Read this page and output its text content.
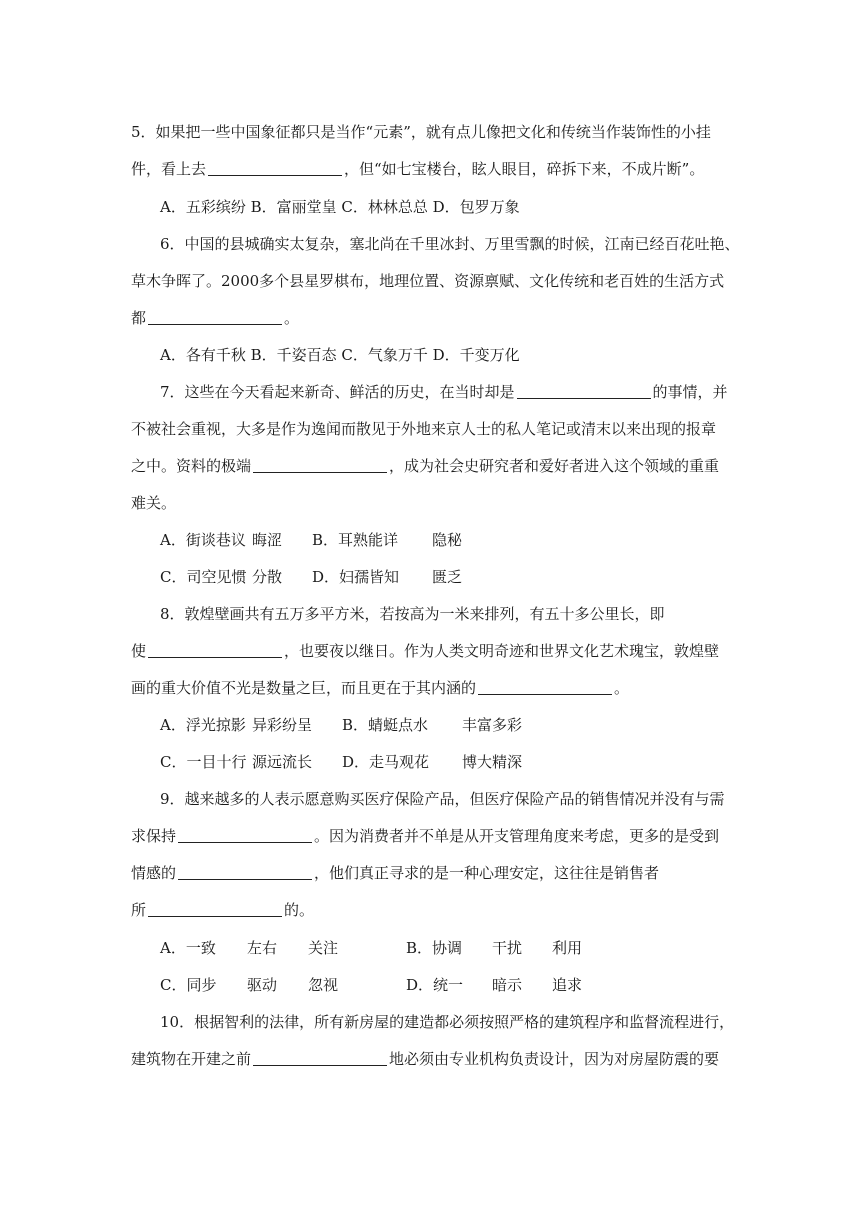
5．如果把一些中国象征都只是当作“元素”，就有点儿像把文化和传统当作装饰性的小挂
件，看上去	，但“如七宝楼台，眩人眼目，碎拆下来，不成片断”。
A．五彩缤纷 B．富丽堂皇 C．林林总总 D．包罗万象
6．中国的县城确实太复杂，塞北尚在千里冰封、万里雪飘的时候，江南已经百花吐艳、
草木争晖了。2000多个县星罗棋布，地理位置、资源禀赋、文化传统和老百姓的生活方式
都	。
A．各有千秋 B．千姿百态 C．气象万千 D．千变万化
7．这些在今天看起来新奇、鲜活的历史，在当时却是	的事情，并
不被社会重视，大多是作为逸闻而散见于外地来京人士的私人笔记或清末以来出现的报章
之中。资料的极端	，成为社会史研究者和爱好者进入这个领域的重重
难关。
A．街谈巷议 晦涩 B．耳熟能详 隐秘
C．司空见惯 分散 D．妇孺皆知 匮乏
8．敦煌壁画共有五万多平方米，若按高为一米来排列，有五十多公里长，即
使	，也要夜以继日。作为人类文明奇迹和世界文化艺术瑰宝，敦煌壁
画的重大价值不光是数量之巨，而且更在于其内涵的	。
A．浮光掠影 异彩纷呈 B．蜻蜓点水 丰富多彩
C．一目十行 源远流长 D．走马观花 博大精深
9．越来越多的人表示愿意购买医疗保险产品，但医疗保险产品的销售情况并没有与需
求保持	。因为消费者并不单是从开支管理角度来考虑，更多的是受到
情感的	，他们真正寻求的是一种心理安定，这往往是销售者
所	的。
A．一致 左右 关注	B．协调 干扰 利用
C．同步 驱动 忽视	D．统一 暗示 追求
10．根据智利的法律，所有新房屋的建造都必须按照严格的建筑程序和监督流程进行，
建筑物在开建之前	地必须由专业机构负责设计，因为对房屋防震的要
